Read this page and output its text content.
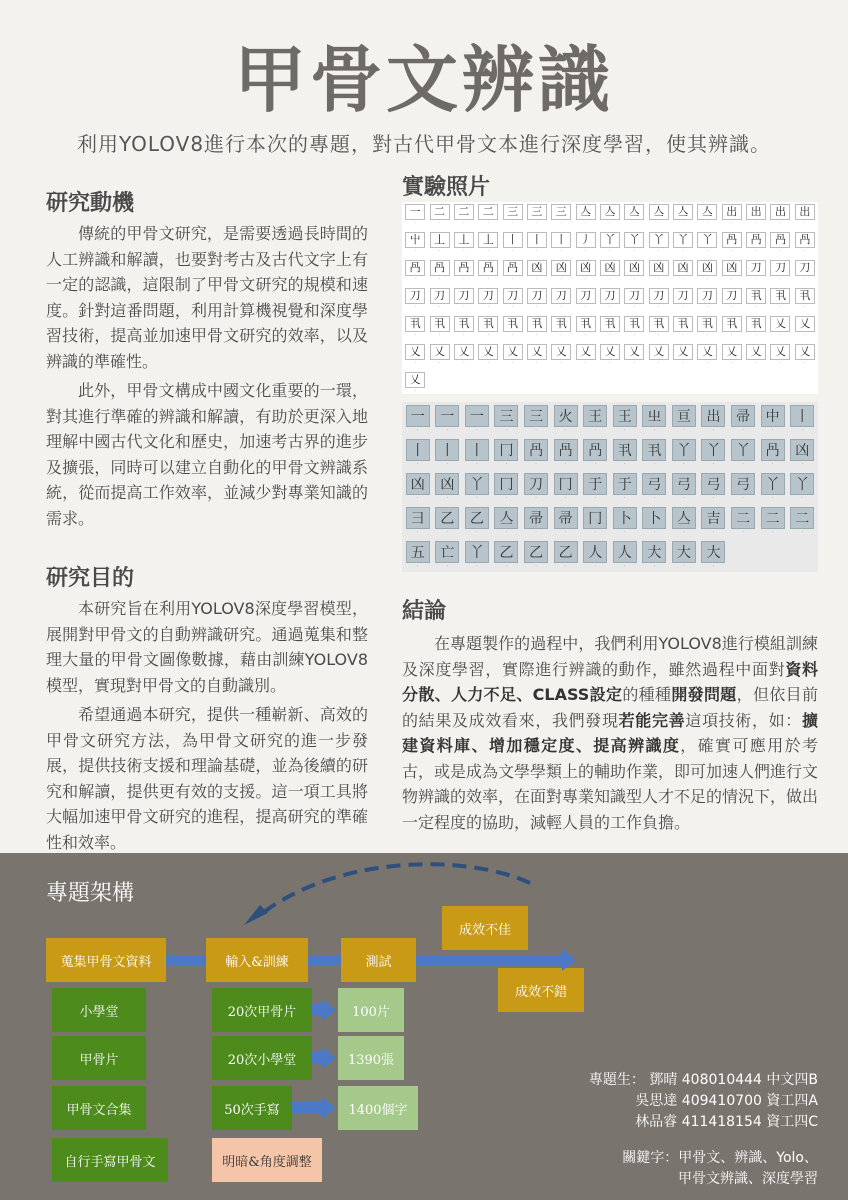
甲骨文辨識
利用YOLOV8進行本次的專題，對古代甲骨文本進行深度學習，使其辨識。
研究動機

傳統的甲骨文研究，是需要透過長時間的人工辨識和解讀，也要對考古及古代文字上有一定的認識，這限制了甲骨文研究的規模和速度。針對這番問題，利用計算機視覺和深度學習技術，提高並加速甲骨文研究的效率，以及辨識的準確性。

此外，甲骨文構成中國文化重要的一環，對其進行準確的辨識和解讀，有助於更深入地理解中國古代文化和歷史，加速考古界的進步及擴張，同時可以建立自動化的甲骨文辨識系統，從而提高工作效率，並減少對專業知識的需求。

研究目的

本研究旨在利用YOLOV8深度學習模型，展開對甲骨文的自動辨識研究。通過蒐集和整理大量的甲骨文圖像數據，藉由訓練YOLOV8模型，實現對甲骨文的自動識別。

希望通過本研究，提供一種嶄新、高效的甲骨文研究方法，為甲骨文研究的進一步發展，提供技術支援和理論基礎，並為後續的研究和解讀，提供更有效的支援。這一項工具將大幅加速甲骨文研究的進程，提高研究的準確性和效率。

實驗照片
一
·
二
·
二
·
二
·
三
·
三
·
三
·
亼
·
亼
·
亼
·
亼
·
亼
·
亼
·
出
·
出
·
出
·
出
·
屮
·
丄
·
丄
·
丄
·
丨
·
丨
·
丨
·
丿
·
丫
·
丫
·
丫
·
丫
·
丫
·
冎
·
冎
·
冎
·
冎
·
冎
·
冎
·
冎
·
冎
·
冎
·
凶
·
凶
·
凶
·
凶
·
凶
·
凶
·
凶
·
凶
·
凶
·
刀
·
刀
·
刀
·
刀
·
刀
·
刀
·
刀
·
刀
·
刀
·
刀
·
刀
·
刀
·
刀
·
刀
·
刀
·
刀
·
刀
·
丮
·
丮
·
丮
·
丮
·
丮
·
丮
·
丮
·
丮
·
丮
·
丮
·
丮
·
丮
·
丮
·
丮
·
丮
·
丮
·
丮
·
丮
·
乂
·
乂
·
乂
·
乂
·
乂
·
乂
·
乂
·
乂
·
乂
·
乂
·
乂
·
乂
·
乂
·
乂
·
乂
·
乂
·
乂
·
乂
·
乂
·
乂
·
一
·
一
·
一
·
三
·
三
·
火
·
王
·
王
·
㞢
·
亘
·
出
·
帚
·
中
·
丨
·
丨
·
丨
·
丨
·
冂
·
冎
·
冎
·
冎
·
丮
·
丮
·
丫
·
丫
·
丫
·
冎
·
凶
·
凶
·
凶
·
丫
·
冂
·
刀
·
冂
·
于
·
于
·
弓
·
弓
·
弓
·
弓
·
丫
·
丫
·
彐
·
乙
·
乙
·
亼
·
帚
·
帚
·
冂
·
卜
·
卜
·
亼
·
吉
·
二
·
二
·
二
·
五
·
亡
·
丫
·
乙
·
乙
·
乙
·
人
·
人
·
大
·
大
·
大
·
結論

在專題製作的過程中，我們利用YOLOV8進行模組訓練及深度學習，實際進行辨識的動作，雖然過程中面對資料分散、人力不足、CLASS設定的種種開發問題，但依目前的結果及成效看來，我們發現若能完善這項技術，如：擴建資料庫、增加穩定度、提高辨識度，確實可應用於考古，或是成為文學學類上的輔助作業，即可加速人們進行文物辨識的效率，在面對專業知識型人才不足的情況下，做出一定程度的協助，減輕人員的工作負擔。

專題架構
蒐集甲骨文資料	輸入&訓練	測試
成效不佳
成效不錯
小學堂
甲骨片
甲骨文合集
自行手寫甲骨文
20次甲骨片
20次小學堂
50次手寫
明暗&角度調整
100片
1390張
1400個字
專題生： 鄧晴 408010444 中文四B
吳思達 409410700 資工四A
林品睿 411418154 資工四C
關鍵字：甲骨文、辨識、Yolo、
甲骨文辨識、深度學習
